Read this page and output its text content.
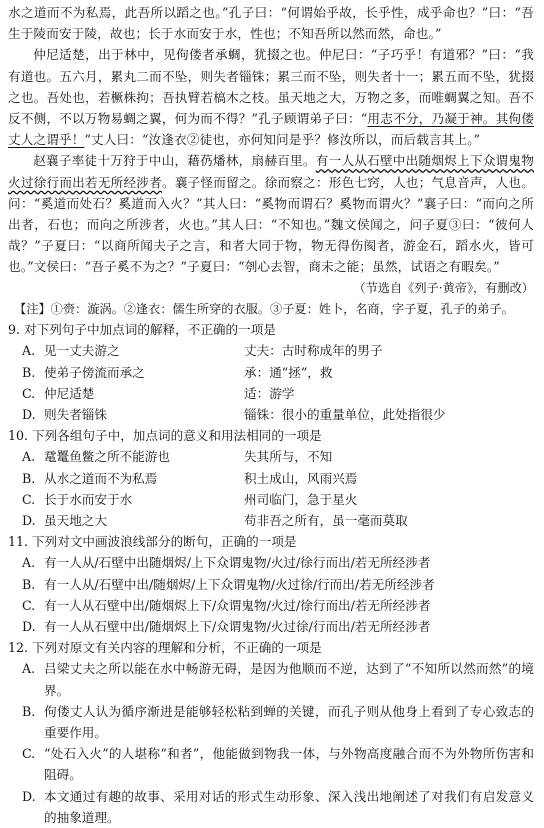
水之道而不为私焉，此吾所以蹈之也。”孔子曰：“何谓始乎故，长乎性，成乎命也？”曰：“吾生于陵而安于陵，故也；长于水而安于水，性也；不知吾所以然而然，命也。”

仲尼适楚，出于林中，见佝偻者承蜩，犹掇之也。仲尼曰：“子巧乎！有道邪？”曰：“我有道也。五六月，累丸二而不坠，则失者锱铢；累三而不坠，则失者十一；累五而不坠，犹掇之也。吾处也，若橛株拘；吾执臂若槁木之枝。虽天地之大，万物之多，而唯蜩翼之知。吾不反不侧，不以万物易蜩之翼，何为而不得？”孔子顾谓弟子曰：“用志不分，乃凝于神。其佝偻丈人之谓乎！”丈人曰：“汝逢衣②徒也，亦何知问是乎？修汝所以，而后载言其上。”

赵襄子率徒十万狩于中山，藉芿燔林，扇赫百里。有一人从石壁中出随烟烬上下众谓鬼物火过徐行而出若无所经涉者。襄子怪而留之。徐而察之：形色七窍，人也；气息音声，人也。问：“奚道而处石？奚道而入火？”其人曰：“奚物而谓石？奚物而谓火？”襄子曰：“而向之所出者，石也；而向之所涉者，火也。”其人曰：“不知也。”魏文侯闻之，问子夏③曰：“彼何人哉？”子夏曰：“以商所闻夫子之言，和者大同于物，物无得伤阂者，游金石，蹈水火，皆可也。”文侯曰：“吾子奚不为之？”子夏曰：“刳心去智，商未之能；虽然，试语之有暇矣。”

（节选自《列子·黄帝》，有删改）

【注】①赍：漩涡。②逢衣：儒生所穿的衣服。③子夏：姓卜，名商，字子夏，孔子的弟子。

9. 对下列句子中加点词的解释，不正确的一项是

A. 见一丈夫游之	丈夫：古时称成年的男子
B. 使弟子傍流而承之	承：通“拯”，救
C. 仲尼适楚	适：游学
D. 则失者锱铢	锱铢：很小的重量单位，此处指很少

10. 下列各组句子中，加点词的意义和用法相同的一项是

A. 鼋鼍鱼鳖之所不能游也	失其所与，不知
B. 从水之道而不为私焉	积土成山，风雨兴焉
C. 长于水而安于水	州司临门，急于星火
D. 虽天地之大	苟非吾之所有，虽一毫而莫取

11. 下列对文中画波浪线部分的断句，正确的一项是

A. 有一人从/石壁中出随烟烬/上下众谓鬼物/火过/徐行而出/若无所经涉者
B. 有一人从/石壁中出/随烟烬/上下众谓鬼物/火过徐/行而出/若无所经涉者
C. 有一人从石壁中出/随烟烬上下/众谓鬼物/火过/徐行而出/若无所经涉者
D. 有一人从石壁中出/随烟烬上下/众谓鬼物/火过徐/行而出/若无所经涉者

12. 下列对原文有关内容的理解和分析，不正确的一项是

A. 吕梁丈夫之所以能在水中畅游无碍，是因为他顺而不逆，达到了“不知所以然而然”的境界。
B. 佝偻丈人认为循序渐进是能够轻松粘到蝉的关键，而孔子则从他身上看到了专心致志的重要作用。
C. “处石入火”的人堪称“和者”，他能做到物我一体，与外物高度融合而不为外物所伤害和阻碍。
D. 本文通过有趣的故事、采用对话的形式生动形象、深入浅出地阐述了对我们有启发意义的抽象道理。
